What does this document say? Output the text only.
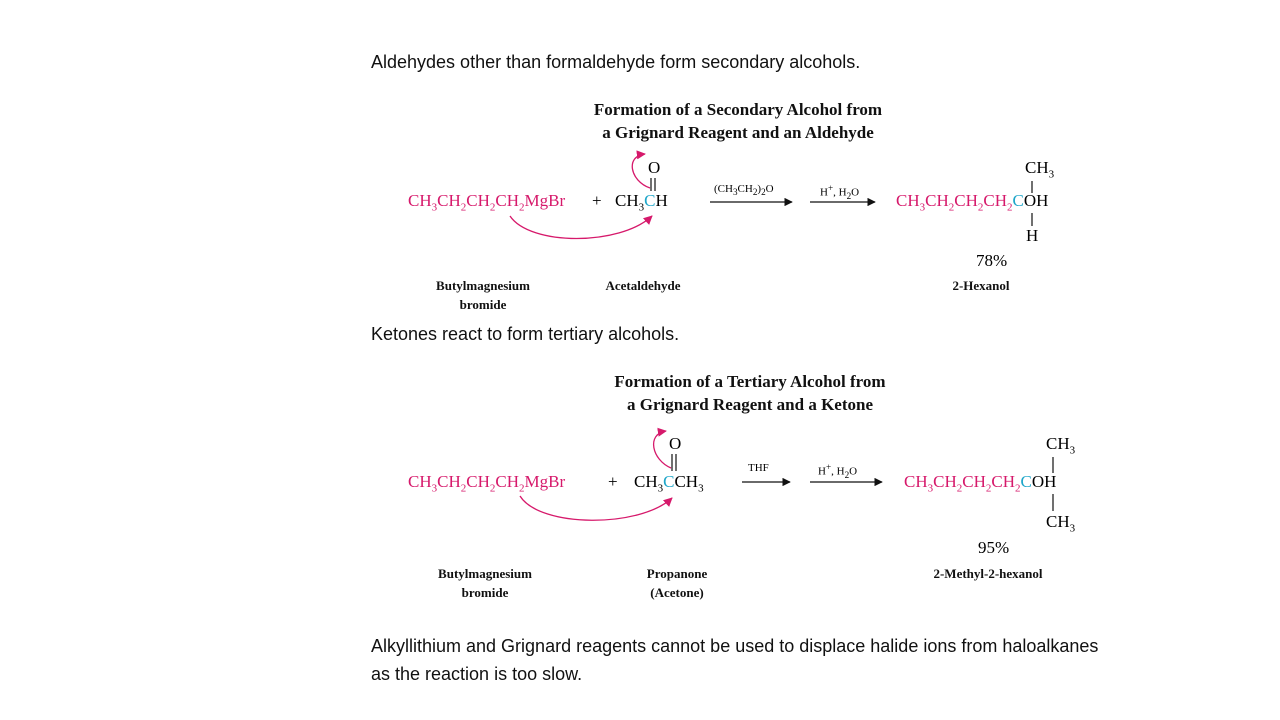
Aldehydes other than formaldehyde form secondary alcohols.
Ketones react to form tertiary alcohols.
Alkyllithium and Grignard reagents cannot be used to displace halide ions from haloalkanes
as the reaction is too slow.
Formation of a Secondary Alcohol from
a Grignard Reagent and an Aldehyde
$CH_3CH_2CH_2CH_2MgBr + CH_3CH$
O
$(CH_3CH_2)_2O$	H+, $H_2O$ $CH_3CH_2CH_2CH_2COH$
$CH_3$
H
78%
Butylmagnesium
bromide
Acetaldehyde	2-Hexanol
Formation of a Tertiary Alcohol from
a Grignard Reagent and a Ketone
$CH_3CH_2CH_2CH_2MgBr$	+ $CH_3CCH_3$
O
THF	H+, $H_2O$
$CH_3CH_2CH_2CH_2COH$
$CH_3$
$CH_3$
95%
Butylmagnesium
bromide
Propanone
(Acetone)
2-Methyl-2-hexanol
